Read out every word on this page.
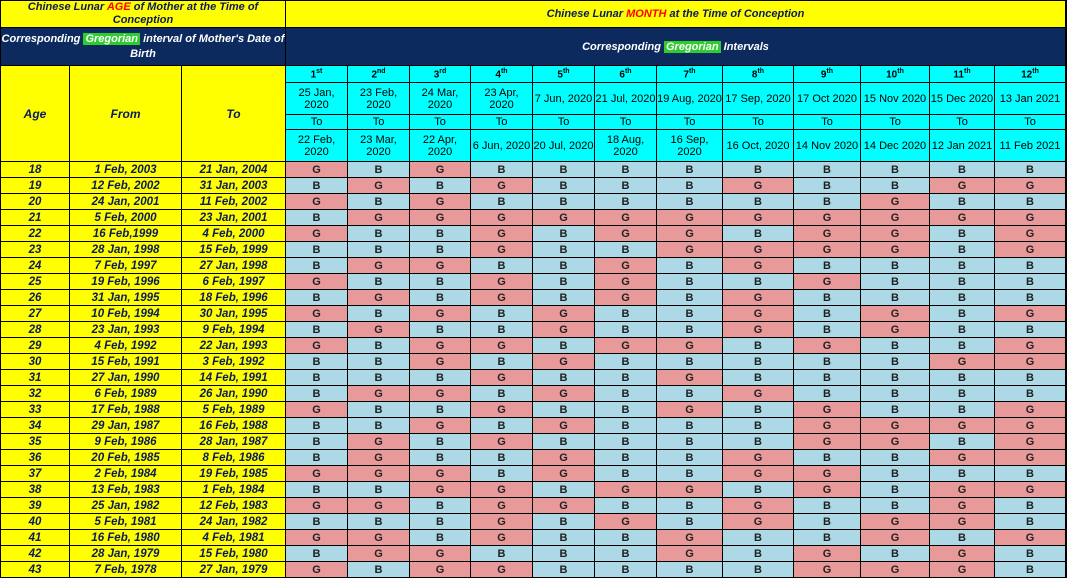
Chinese Lunar AGE of Mother at the Time of Conception			Chinese Lunar MONTH at the Time of Conception											
Corresponding Gregorian interval of Mother's Date of Birth			Corresponding Gregorian Intervals											
Age	From	To	1st	2nd	3rd	4th	5th	6th	7th	8th	9th	10th	11th	12th
			25 Jan, 2020	23 Feb, 2020	24 Mar, 2020	23 Apr, 2020	7 Jun, 2020	21 Jul, 2020	19 Aug, 2020	17 Sep, 2020	17 Oct 2020	15 Nov 2020	15 Dec 2020	13 Jan 2021
			To	To	To	To	To	To	To	To	To	To	To	To
			22 Feb, 2020	23 Mar, 2020	22 Apr, 2020	6 Jun, 2020	20 Jul, 2020	18 Aug, 2020	16 Sep, 2020	16 Oct, 2020	14 Nov 2020	14 Dec 2020	12 Jan 2021	11 Feb 2021
18	1 Feb, 2003	21 Jan, 2004	G	B	G	B	B	B	B	B	B	B	B	B
19	12 Feb, 2002	31 Jan, 2003	B	G	B	G	B	B	B	G	B	B	G	G
20	24 Jan, 2001	11 Feb, 2002	G	B	G	B	B	B	B	B	B	G	B	B
21	5 Feb, 2000	23 Jan, 2001	B	G	G	G	G	G	G	G	G	G	G	G
22	16 Feb,1999	4 Feb, 2000	G	B	B	G	B	G	G	B	G	G	B	G
23	28 Jan, 1998	15 Feb, 1999	B	B	B	G	B	B	G	G	G	G	B	G
24	7 Feb, 1997	27 Jan, 1998	B	G	G	B	B	G	B	G	B	B	B	B
25	19 Feb, 1996	6 Feb, 1997	G	B	B	G	B	G	B	B	G	B	B	B
26	31 Jan, 1995	18 Feb, 1996	B	G	B	G	B	G	B	G	B	B	B	B
27	10 Feb, 1994	30 Jan, 1995	G	B	G	B	G	B	B	G	B	G	B	G
28	23 Jan, 1993	9 Feb, 1994	B	G	B	B	G	B	B	G	B	G	B	B
29	4 Feb, 1992	22 Jan, 1993	G	B	G	G	B	G	G	B	G	B	B	G
30	15 Feb, 1991	3 Feb, 1992	B	B	G	B	G	B	B	B	B	B	G	G
31	27 Jan, 1990	14 Feb, 1991	B	B	B	G	B	B	G	B	B	B	B	B
32	6 Feb, 1989	26 Jan, 1990	B	G	G	B	G	B	B	G	B	B	B	B
33	17 Feb, 1988	5 Feb, 1989	G	B	B	G	B	B	G	B	G	B	B	G
34	29 Jan, 1987	16 Feb, 1988	B	B	G	B	G	B	B	B	G	G	G	G
35	9 Feb, 1986	28 Jan, 1987	B	G	B	G	B	B	B	B	G	G	B	G
36	20 Feb, 1985	8 Feb, 1986	B	G	B	B	G	B	B	G	B	B	G	G
37	2 Feb, 1984	19 Feb, 1985	G	G	G	B	G	B	B	G	G	B	B	B
38	13 Feb, 1983	1 Feb, 1984	B	B	G	G	B	G	G	B	G	B	G	G
39	25 Jan, 1982	12 Feb, 1983	G	G	B	G	G	B	B	G	B	B	G	B
40	5 Feb, 1981	24 Jan, 1982	B	B	B	G	B	G	B	G	B	G	G	B
41	16 Feb, 1980	4 Feb, 1981	G	G	B	G	B	B	G	B	B	G	B	G
42	28 Jan, 1979	15 Feb, 1980	B	G	G	B	B	B	G	B	G	B	G	B
43	7 Feb, 1978	27 Jan, 1979	G	B	G	G	B	B	B	B	G	G	G	B
